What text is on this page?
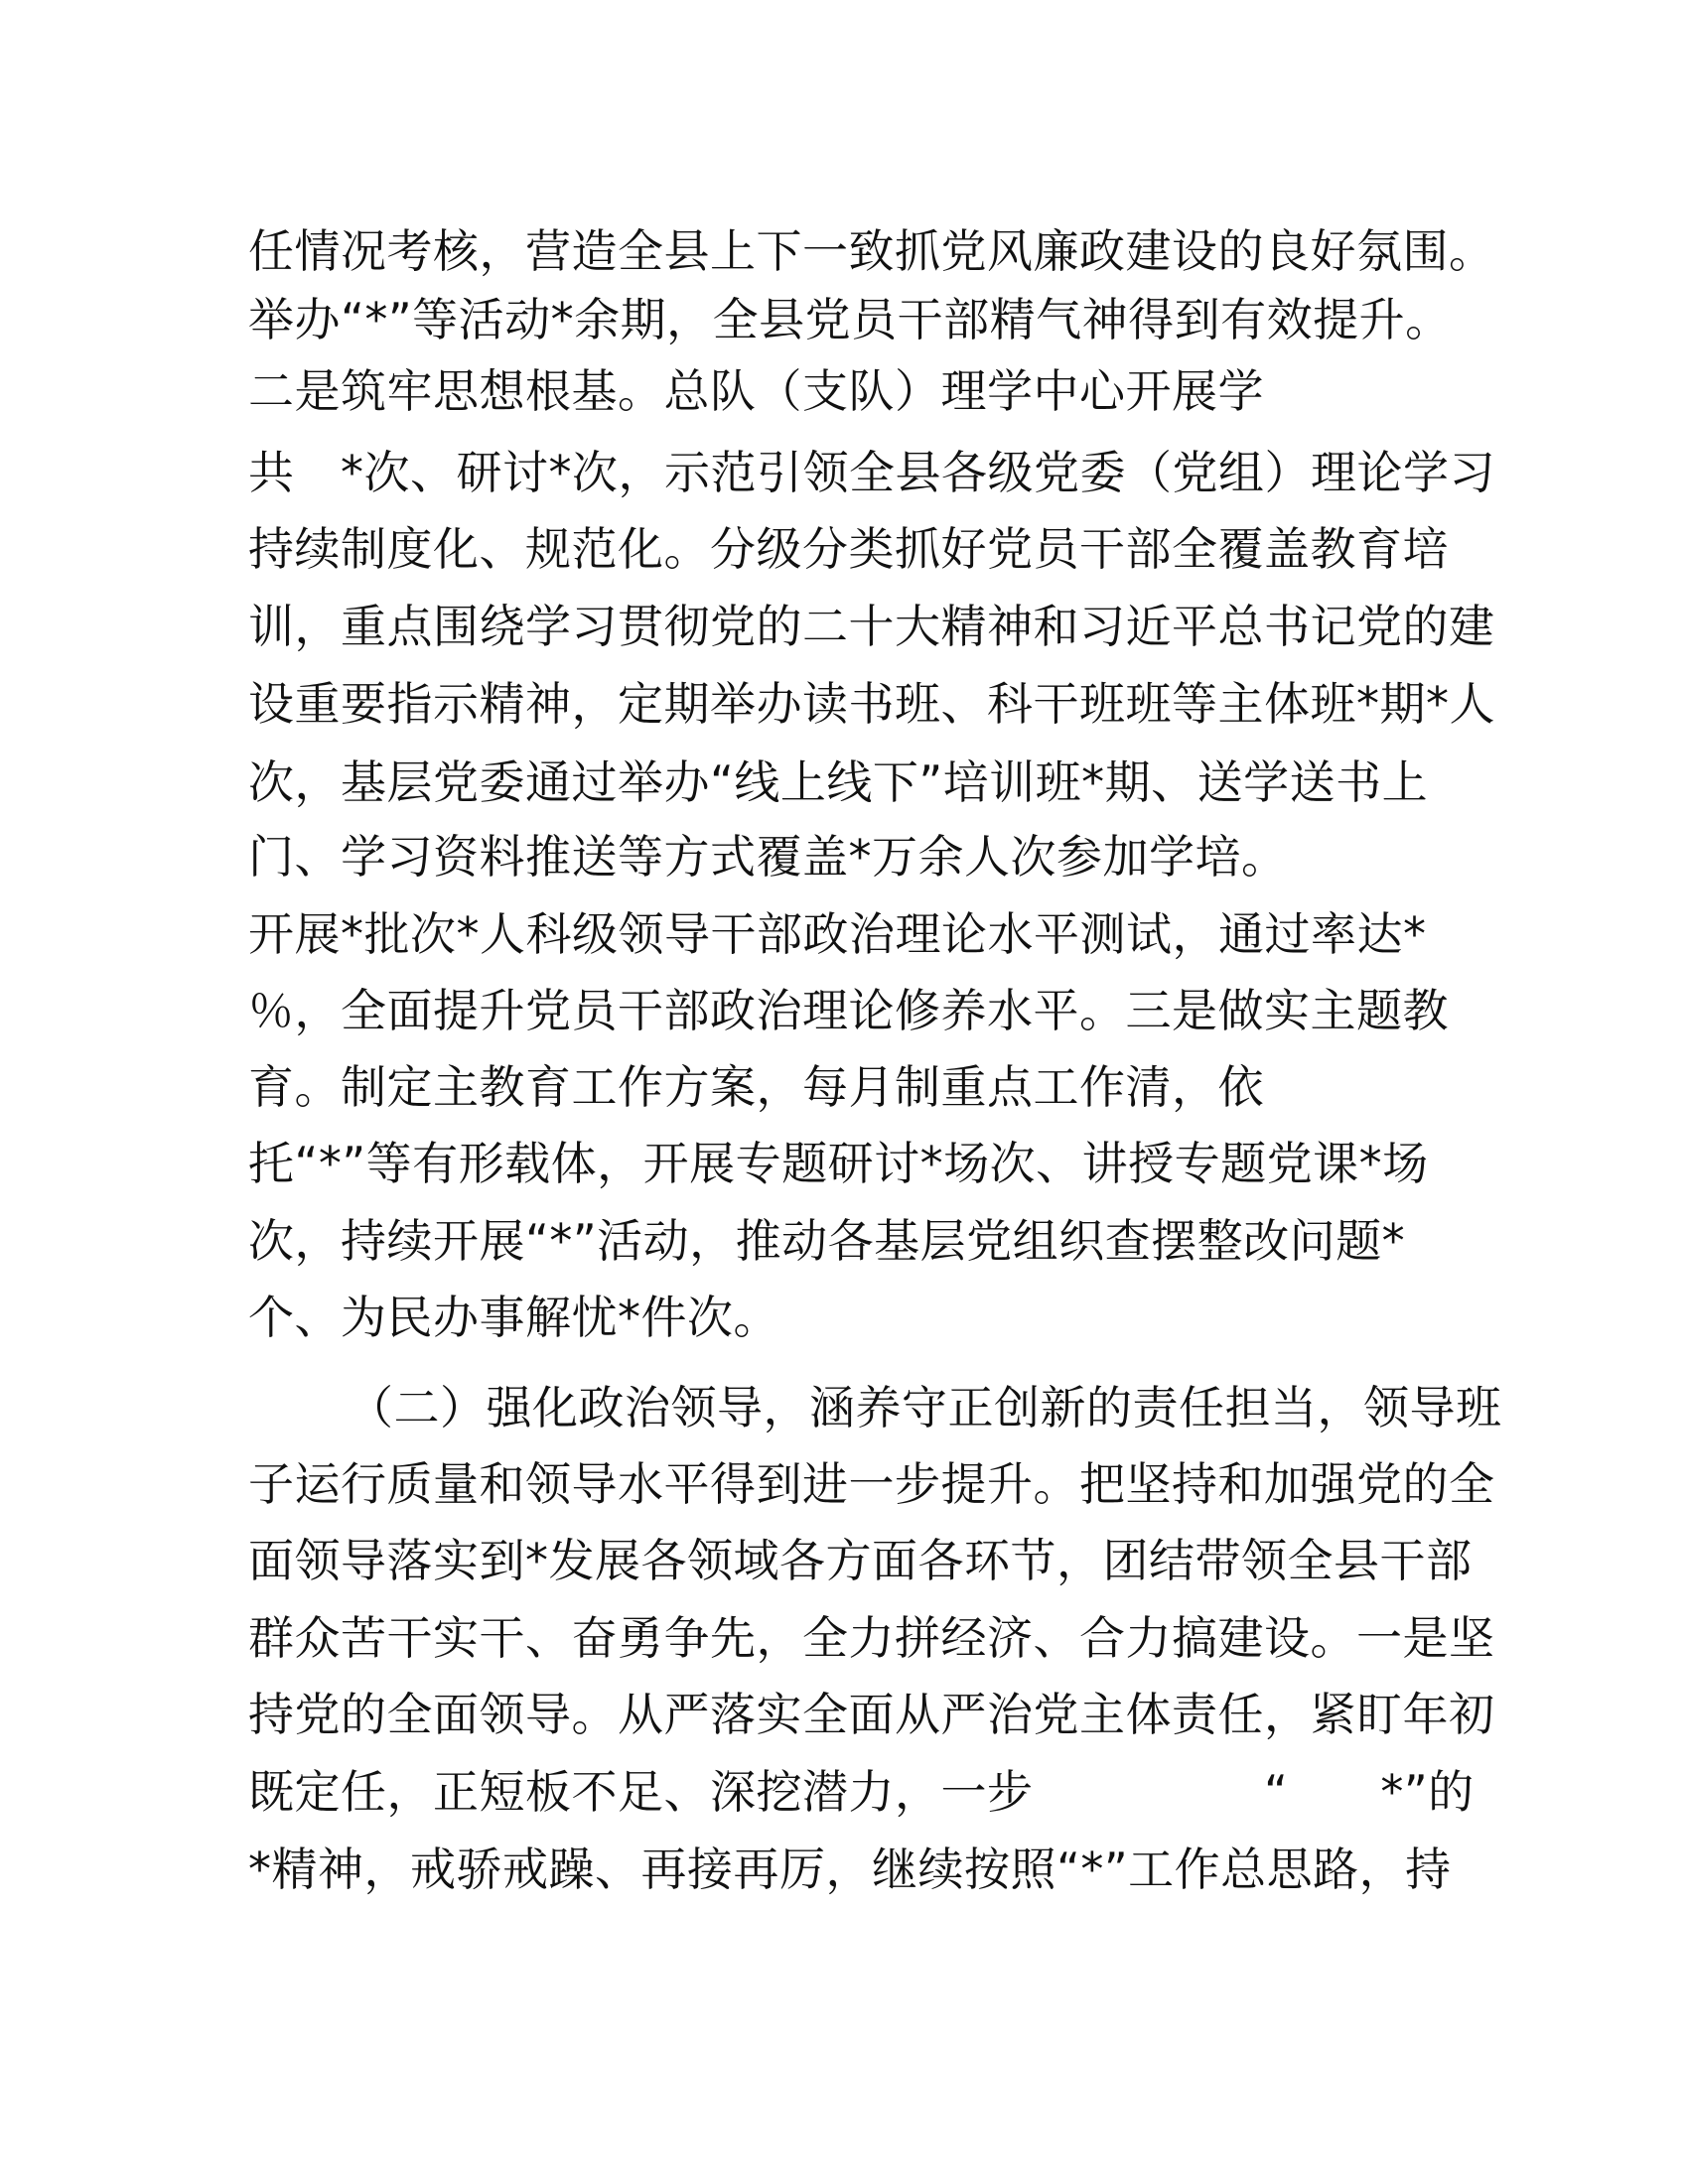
任情况考核，营造全县上下一致抓党风廉政建设的良好氛围。
举办“*”等活动*余期，全县党员干部精气神得到有效提升。
二是筑牢思想根基。总队（支队）理学中心开展学
共　*次、研讨*次，示范引领全县各级党委（党组）理论学习
持续制度化、规范化。分级分类抓好党员干部全覆盖教育培
训，重点围绕学习贯彻党的二十大精神和习近平总书记党的建
设重要指示精神，定期举办读书班、科干班班等主体班*期*人
次，基层党委通过举办“线上线下”培训班*期、送学送书上
门、学习资料推送等方式覆盖*万余人次参加学培。
开展*批次*人科级领导干部政治理论水平测试，通过率达*
％，全面提升党员干部政治理论修养水平。三是做实主题教
育。制定主教育工作方案，每月制重点工作清，依
托“*”等有形载体，开展专题研讨*场次、讲授专题党课*场
次，持续开展“*”活动，推动各基层党组织查摆整改问题*
个、为民办事解忧*件次。
（二）强化政治领导，涵养守正创新的责任担当，领导班
子运行质量和领导水平得到进一步提升。把坚持和加强党的全
面领导落实到*发展各领域各方面各环节，团结带领全县干部
群众苦干实干、奋勇争先，全力拼经济、合力搞建设。一是坚
持党的全面领导。从严落实全面从严治党主体责任，紧盯年初
既定任，正短板不足、深挖潜力，一步　　　　　“　　*”的
*精神，戒骄戒躁、再接再厉，继续按照“*”工作总思路，持
